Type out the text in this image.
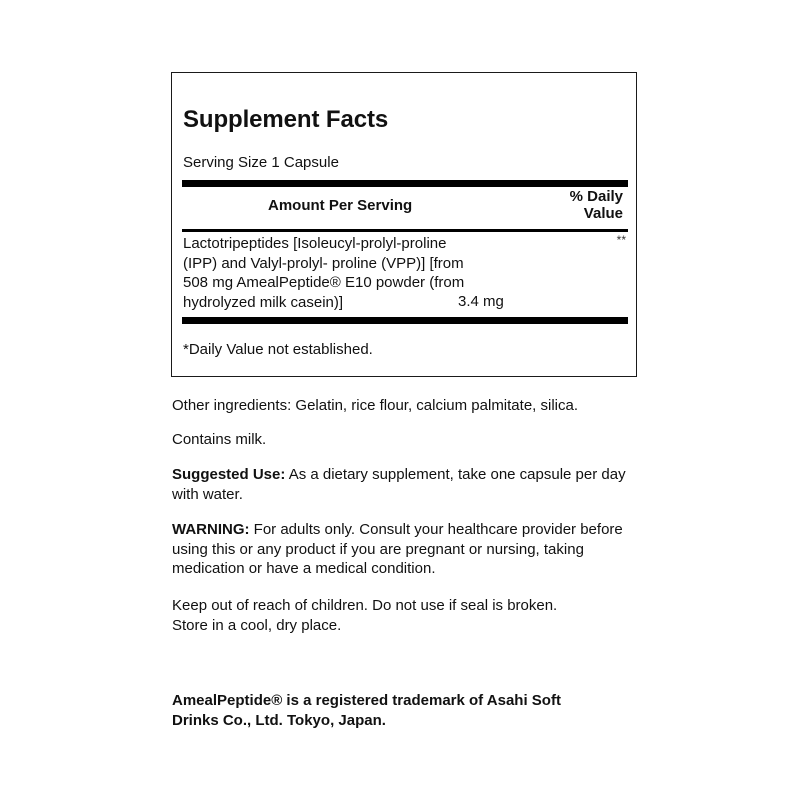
Supplement Facts
Serving Size 1 Capsule
Amount Per Serving
% Daily
Value
Lactotripeptides [Isoleucyl-prolyl-proline
(IPP) and Valyl-prolyl- proline (VPP)] [from
508 mg AmealPeptide® E10 powder (from
hydrolyzed milk casein)]	3.4 mg
**
*Daily Value not established.

Other ingredients: Gelatin, rice flour, calcium palmitate, silica.

Contains milk.

Suggested Use: As a dietary supplement, take one capsule per day with water.

WARNING: For adults only. Consult your healthcare provider before using this or any product if you are pregnant or nursing, taking medication or have a medical condition.

Keep out of reach of children. Do not use if seal is broken.
Store in a cool, dry place.

AmealPeptide® is a registered trademark of Asahi Soft
Drinks Co., Ltd. Tokyo, Japan.
